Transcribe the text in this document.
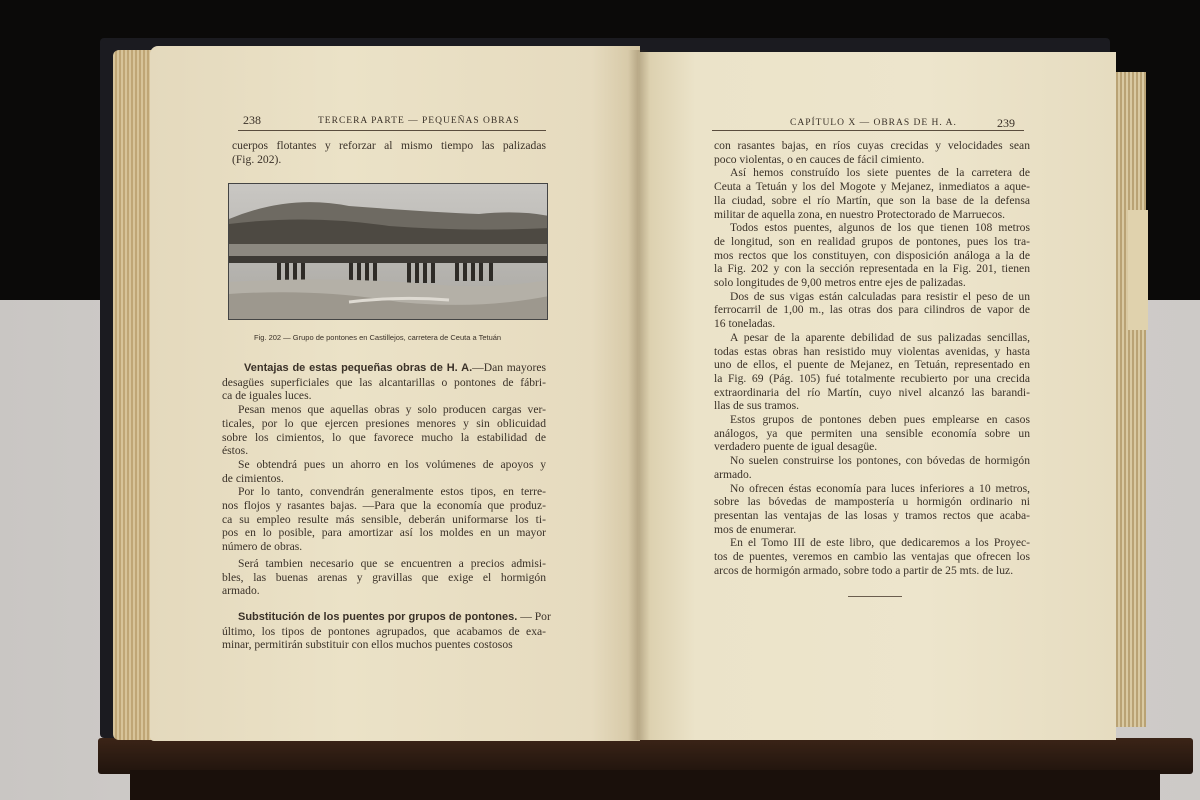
238	TERCERA PARTE — PEQUEÑAS OBRAS
cuerpos flotantes y reforzar al mismo tiempo las palizadas
(Fig. 202).
Fig. 202 — Grupo de pontones en Castillejos, carretera de Ceuta a Tetuán
Ventajas de estas pequeñas obras de H. A.—Dan mayores
desagües superficiales que las alcantarillas o pontones de fábri-
ca de iguales luces.
Pesan menos que aquellas obras y solo producen cargas ver-
ticales, por lo que ejercen presiones menores y sin oblicuidad
sobre los cimientos, lo que favorece mucho la estabilidad de
éstos.
Se obtendrá pues un ahorro en los volúmenes de apoyos y
de cimientos.
Por lo tanto, convendrán generalmente estos tipos, en terre-
nos flojos y rasantes bajas. —Para que la economía que produz-
ca su empleo resulte más sensible, deberán uniformarse los ti-
pos en lo posible, para amortizar así los moldes en un mayor
número de obras.
Será tambien necesario que se encuentren a precios admisi-
bles, las buenas arenas y gravillas que exige el hormigón
armado.
Substitución de los puentes por grupos de pontones. — Por
último, los tipos de pontones agrupados, que acabamos de exa-
minar, permitirán substituir con ellos muchos puentes costosos
CAPÍTULO X — OBRAS DE H. A.	239
con rasantes bajas, en ríos cuyas crecidas y velocidades sean
poco violentas, o en cauces de fácil cimiento.
Así hemos construído los siete puentes de la carretera de
Ceuta a Tetuán y los del Mogote y Mejanez, inmediatos a aque-
lla ciudad, sobre el río Martín, que son la base de la defensa
militar de aquella zona, en nuestro Protectorado de Marruecos.
Todos estos puentes, algunos de los que tienen 108 metros
de longitud, son en realidad grupos de pontones, pues los tra-
mos rectos que los constituyen, con disposición análoga a la de
la Fig. 202 y con la sección representada en la Fig. 201, tienen
solo longitudes de 9,00 metros entre ejes de palizadas.
Dos de sus vigas están calculadas para resistir el peso de un
ferrocarril de 1,00 m., las otras dos para cilindros de vapor de
16 toneladas.
A pesar de la aparente debilidad de sus palizadas sencillas,
todas estas obras han resistido muy violentas avenidas, y hasta
uno de ellos, el puente de Mejanez, en Tetuán, representado en
la Fig. 69 (Pág. 105) fué totalmente recubierto por una crecida
extraordinaria del río Martín, cuyo nivel alcanzó las barandi-
llas de sus tramos.
Estos grupos de pontones deben pues emplearse en casos
análogos, ya que permiten una sensible economía sobre un
verdadero puente de igual desagüe.
No suelen construirse los pontones, con bóvedas de hormigón
armado.
No ofrecen éstas economía para luces inferiores a 10 metros,
sobre las bóvedas de mampostería u hormigón ordinario ni
presentan las ventajas de las losas y tramos rectos que acaba-
mos de enumerar.
En el Tomo III de este libro, que dedicaremos a los Proyec-
tos de puentes, veremos en cambio las ventajas que ofrecen los
arcos de hormigón armado, sobre todo a partir de 25 mts. de luz.
